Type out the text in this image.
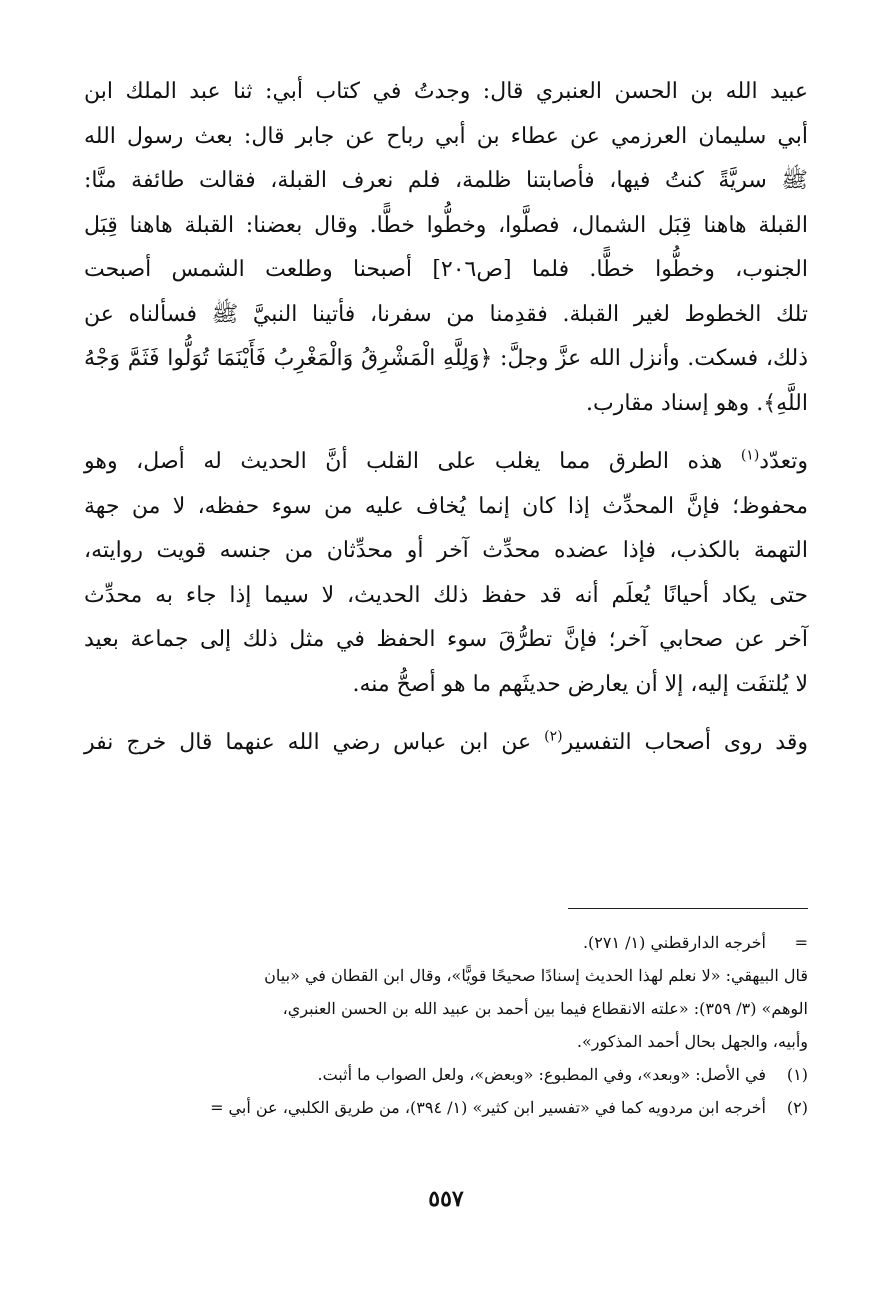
عبيد الله بن الحسن العنبري قال: وجدتُ في كتاب أبي: ثنا عبد الملك ابن

أبي سليمان العرزمي عن عطاء بن أبي رباح عن جابر قال: بعث رسول الله

ﷺ سريَّةً كنتُ فيها، فأصابتنا ظلمة، فلم نعرف القبلة، فقالت طائفة منَّا:

القبلة هاهنا قِبَل الشمال، فصلَّوا، وخطُّوا خطًّا. وقال بعضنا: القبلة هاهنا قِبَل

الجنوب، وخطُّوا خطًّا. فلما [ص٢٠٦] أصبحنا وطلعت الشمس أصبحت

تلك الخطوط لغير القبلة. فقدِمنا من سفرنا، فأتينا النبيَّ ﷺ فسألناه عن

ذلك، فسكت. وأنزل الله عزَّ وجلَّ: ﴿وَلِلَّهِ الْمَشْرِقُ وَالْمَغْرِبُ فَأَيْنَمَا تُوَلُّوا فَثَمَّ وَجْهُ

اللَّهِ﴾. وهو إسناد مقارب.

وتعدّد$^{(١)}$ هذه الطرق مما يغلب على القلب أنَّ الحديث له أصل، وهو

محفوظ؛ فإنَّ المحدِّث إذا كان إنما يُخاف عليه من سوء حفظه، لا من جهة

التهمة بالكذب، فإذا عضده محدِّث آخر أو محدِّثان من جنسه قويت روايته،

حتى يكاد أحيانًا يُعلَم أنه قد حفظ ذلك الحديث، لا سيما إذا جاء به محدِّث

آخر عن صحابي آخر؛ فإنَّ تطرُّقَ سوء الحفظ في مثل ذلك إلى جماعة بعيد

لا يُلتفَت إليه، إلا أن يعارض حديثَهم ما هو أصحُّ منه.

وقد روى أصحاب التفسير$^{(٢)}$ عن ابن عباس رضي الله عنهما قال خرج نفر

=
أخرجه الدارقطني (١/ ٢٧١).

قال البيهقي: «لا نعلم لهذا الحديث إسنادًا صحيحًا قويًّا»، وقال ابن القطان في «بيان

الوهم» (٣/ ٣٥٩): «علته الانقطاع فيما بين أحمد بن عبيد الله بن الحسن العنبري،

وأبيه، والجهل بحال أحمد المذكور».

(١)
في الأصل: «وبعد»، وفي المطبوع: «وبعض»، ولعل الصواب ما أثبت.
(٢)
أخرجه ابن مردويه كما في «تفسير ابن كثير» (١/ ٣٩٤)، من طريق الكلبي، عن أبي =
٥٥٧
